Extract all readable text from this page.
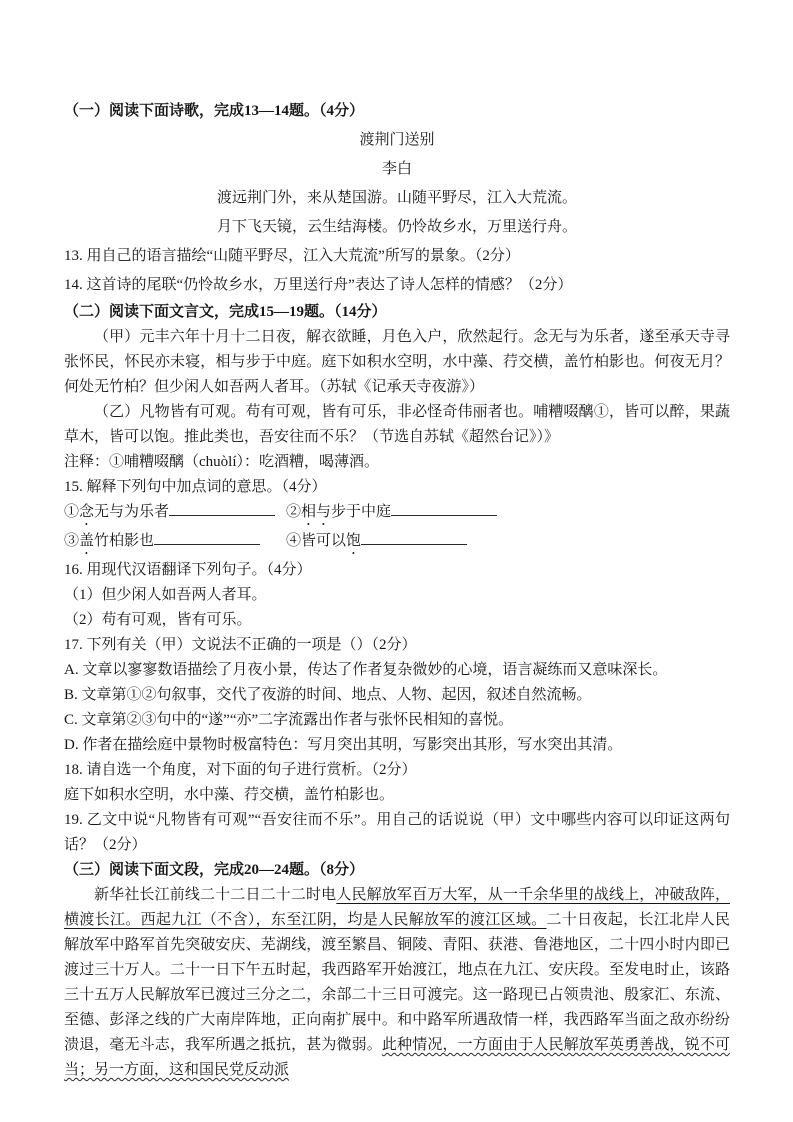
（一）阅读下面诗歌，完成13—14题。（4分）

渡荆门送别

李白

渡远荆门外，来从楚国游。山随平野尽，江入大荒流。

月下飞天镜，云生结海楼。仍怜故乡水，万里送行舟。

13. 用自己的语言描绘“山随平野尽，江入大荒流”所写的景象。（2分）

14. 这首诗的尾联“仍怜故乡水，万里送行舟”表达了诗人怎样的情感？（2分）

（二）阅读下面文言文，完成15—19题。（14分）

（甲）元丰六年十月十二日夜，解衣欲睡，月色入户，欣然起行。念无与为乐者，遂至承天寺寻张怀民，怀民亦未寝，相与步于中庭。庭下如积水空明，水中藻、荇交横，盖竹柏影也。何夜无月？何处无竹柏？但少闲人如吾两人者耳。（苏轼《记承天寺夜游》）

（乙）凡物皆有可观。苟有可观，皆有可乐，非必怪奇伟丽者也。哺糟啜醨①，皆可以醉，果蔬草木，皆可以饱。推此类也，吾安往而不乐？（节选自苏轼《超然台记》）》

注释：①哺糟啜醨（chuòlí）：吃酒糟，喝薄酒。

15. 解释下列句中加点词的意思。（4分）

①念无与为乐者	②相与步于中庭

③盖竹柏影也	④皆可以饱

16. 用现代汉语翻译下列句子。（4分）

（1）但少闲人如吾两人者耳。

（2）苟有可观，皆有可乐。

17. 下列有关（甲）文说法不正确的一项是（）（2分）

A. 文章以寥寥数语描绘了月夜小景，传达了作者复杂微妙的心境，语言凝练而又意味深长。

B. 文章第①②句叙事，交代了夜游的时间、地点、人物、起因，叙述自然流畅。

C. 文章第②③句中的“遂”“亦”二字流露出作者与张怀民相知的喜悦。

D. 作者在描绘庭中景物时极富特色：写月突出其明，写影突出其形，写水突出其清。

18. 请自选一个角度，对下面的句子进行赏析。（2分）

庭下如积水空明，水中藻、荇交横，盖竹柏影也。

19. 乙文中说“凡物皆有可观”“吾安往而不乐”。用自己的话说说（甲）文中哪些内容可以印证这两句话？（2分）

（三）阅读下面文段，完成20—24题。（8分）

新华社长江前线二十二日二十二时电人民解放军百万大军，从一千余华里的战线上，冲破敌阵，横渡长江。西起九江（不含），东至江阴，均是人民解放军的渡江区域。二十日夜起，长江北岸人民解放军中路军首先突破安庆、芜湖线，渡至繁昌、铜陵、青阳、获港、鲁港地区，二十四小时内即已渡过三十万人。二十一日下午五时起，我西路军开始渡江，地点在九江、安庆段。至发电时止，该路三十五万人民解放军已渡过三分之二，余部二十三日可渡完。这一路现已占领贵池、殷家汇、东流、至德、彭泽之线的广大南岸阵地，正向南扩展中。和中路军所遇敌情一样，我西路军当面之敌亦纷纷溃退，毫无斗志，我军所遇之抵抗，甚为微弱。此种情况，一方面由于人民解放军英勇善战，锐不可当；另一方面，这和国民党反动派
